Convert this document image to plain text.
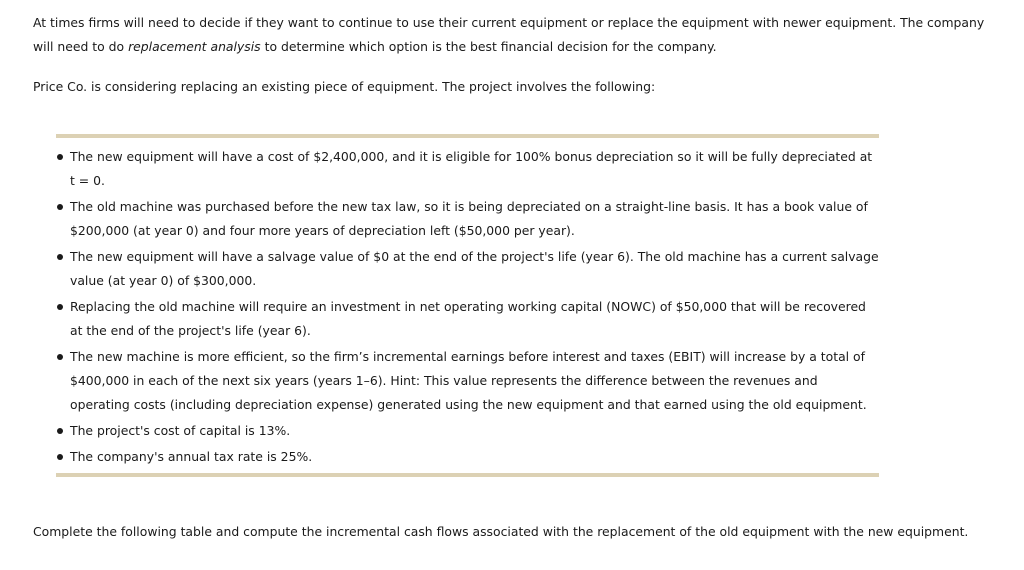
At times firms will need to decide if they want to continue to use their current equipment or replace the equipment with newer equipment. The company will need to do replacement analysis to determine which option is the best financial decision for the company.

Price Co. is considering replacing an existing piece of equipment. The project involves the following:

The new equipment will have a cost of $2,400,000, and it is eligible for 100% bonus depreciation so it will be fully depreciated at t = 0.
The old machine was purchased before the new tax law, so it is being depreciated on a straight-line basis. It has a book value of $200,000 (at year 0) and four more years of depreciation left ($50,000 per year).
The new equipment will have a salvage value of $0 at the end of the project's life (year 6). The old machine has a current salvage value (at year 0) of $300,000.
Replacing the old machine will require an investment in net operating working capital (NOWC) of $50,000 that will be recovered at the end of the project's life (year 6).
The new machine is more efficient, so the firm’s incremental earnings before interest and taxes (EBIT) will increase by a total of $400,000 in each of the next six years (years 1–6). Hint: This value represents the difference between the revenues and operating costs (including depreciation expense) generated using the new equipment and that earned using the old equipment.
The project's cost of capital is 13%.
The company's annual tax rate is 25%.

Complete the following table and compute the incremental cash flows associated with the replacement of the old equipment with the new equipment.
